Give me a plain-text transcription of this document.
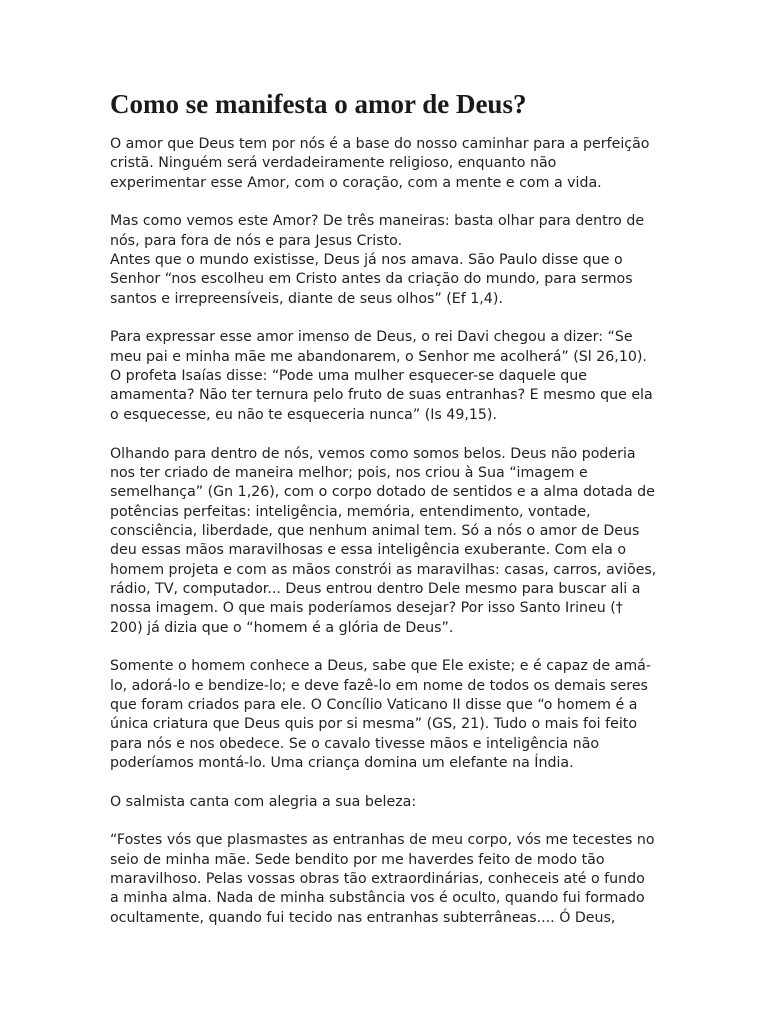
Como se manifesta o amor de Deus?

O amor que Deus tem por nós é a base do nosso caminhar para a perfeição
cristã. Ninguém será verdadeiramente religioso, enquanto não
experimentar esse Amor, com o coração, com a mente e com a vida.

Mas como vemos este Amor? De três maneiras: basta olhar para dentro de
nós, para fora de nós e para Jesus Cristo.
Antes que o mundo existisse, Deus já nos amava. São Paulo disse que o
Senhor “nos escolheu em Cristo antes da criação do mundo, para sermos
santos e irrepreensíveis, diante de seus olhos” (Ef 1,4).

Para expressar esse amor imenso de Deus, o rei Davi chegou a dizer: “Se
meu pai e minha mãe me abandonarem, o Senhor me acolherá” (Sl 26,10).
O profeta Isaías disse: “Pode uma mulher esquecer-se daquele que
amamenta? Não ter ternura pelo fruto de suas entranhas? E mesmo que ela
o esquecesse, eu não te esqueceria nunca” (Is 49,15).

Olhando para dentro de nós, vemos como somos belos. Deus não poderia
nos ter criado de maneira melhor; pois, nos criou à Sua “imagem e
semelhança” (Gn 1,26), com o corpo dotado de sentidos e a alma dotada de
potências perfeitas: inteligência, memória, entendimento, vontade,
consciência, liberdade, que nenhum animal tem. Só a nós o amor de Deus
deu essas mãos maravilhosas e essa inteligência exuberante. Com ela o
homem projeta e com as mãos constrói as maravilhas: casas, carros, aviões,
rádio, TV, computador... Deus entrou dentro Dele mesmo para buscar ali a
nossa imagem. O que mais poderíamos desejar? Por isso Santo Irineu (†
200) já dizia que o “homem é a glória de Deus”.

Somente o homem conhece a Deus, sabe que Ele existe; e é capaz de amá-
lo, adorá-lo e bendize-lo; e deve fazê-lo em nome de todos os demais seres
que foram criados para ele. O Concílio Vaticano II disse que “o homem é a
única criatura que Deus quis por si mesma” (GS, 21). Tudo o mais foi feito
para nós e nos obedece. Se o cavalo tivesse mãos e inteligência não
poderíamos montá-lo. Uma criança domina um elefante na Índia.

O salmista canta com alegria a sua beleza:

“Fostes vós que plasmastes as entranhas de meu corpo, vós me tecestes no
seio de minha mãe. Sede bendito por me haverdes feito de modo tão
maravilhoso. Pelas vossas obras tão extraordinárias, conheceis até o fundo
a minha alma. Nada de minha substância vos é oculto, quando fui formado
ocultamente, quando fui tecido nas entranhas subterrâneas.... Ó Deus,
